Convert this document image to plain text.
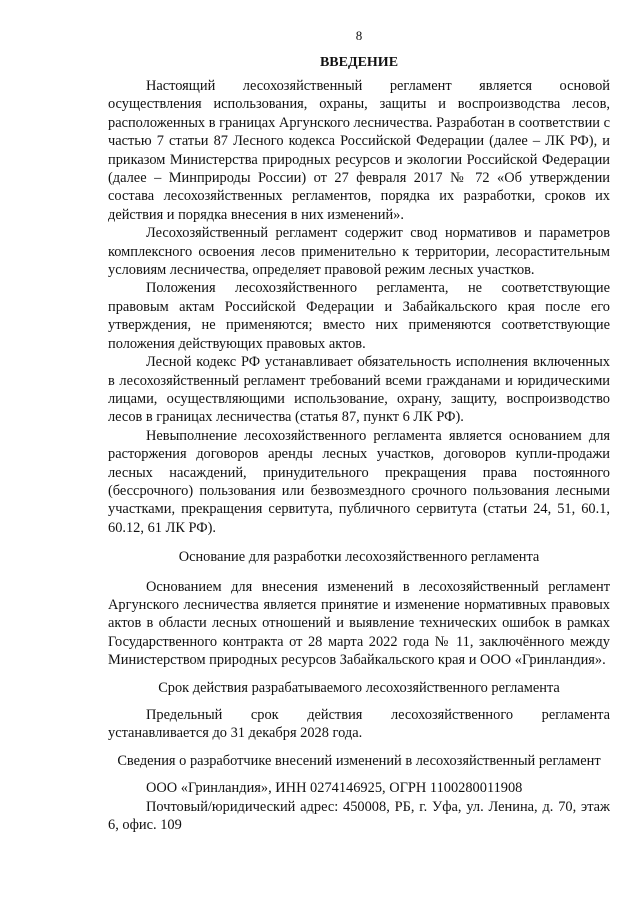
8
ВВЕДЕНИЕ

Настоящий лесохозяйственный регламент является основой осуществления использования, охраны, защиты и воспроизводства лесов, расположенных в границах Аргунского лесничества. Разработан в соответствии с частью 7 статьи 87 Лесного кодекса Российской Федерации (далее – ЛК РФ), и приказом Министерства природных ресурсов и экологии Российской Федерации (далее – Минприроды России) от 27 февраля 2017 № 72 «Об утверждении состава лесохозяйственных регламентов, порядка их разработки, сроков их действия и порядка внесения в них изменений».

Лесохозяйственный регламент содержит свод нормативов и параметров комплексного освоения лесов применительно к территории, лесорастительным условиям лесничества, определяет правовой режим лесных участков.

Положения лесохозяйственного регламента, не соответствующие правовым актам Российской Федерации и Забайкальского края после его утверждения, не применяются; вместо них применяются соответствующие положения действующих правовых актов.

Лесной кодекс РФ устанавливает обязательность исполнения включенных в лесохозяйственный регламент требований всеми гражданами и юридическими лицами, осуществляющими использование, охрану, защиту, воспроизводство лесов в границах лесничества (статья 87, пункт 6 ЛК РФ).

Невыполнение лесохозяйственного регламента является основанием для расторжения договоров аренды лесных участков, договоров купли-продажи лесных насаждений, принудительного прекращения права постоянного (бессрочного) пользования или безвозмездного срочного пользования лесными участками, прекращения сервитута, публичного сервитута (статьи 24, 51, 60.1, 60.12, 61 ЛК РФ).

Основание для разработки лесохозяйственного регламента

Основанием для внесения изменений в лесохозяйственный регламент Аргунского лесничества является принятие и изменение нормативных правовых актов в области лесных отношений и выявление технических ошибок в рамках Государственного контракта от 28 марта 2022 года № 11, заключённого между Министерством природных ресурсов Забайкальского края и ООО «Гринландия».

Срок действия разрабатываемого лесохозяйственного регламента

Предельный срок действия лесохозяйственного регламента устанавливается до 31 декабря 2028 года.

Сведения о разработчике внесений изменений в лесохозяйственный регламент

ООО «Гринландия», ИНН 0274146925, ОГРН 1100280011908

Почтовый/юридический адрес: 450008, РБ, г. Уфа, ул. Ленина, д. 70, этаж 6, офис. 109
